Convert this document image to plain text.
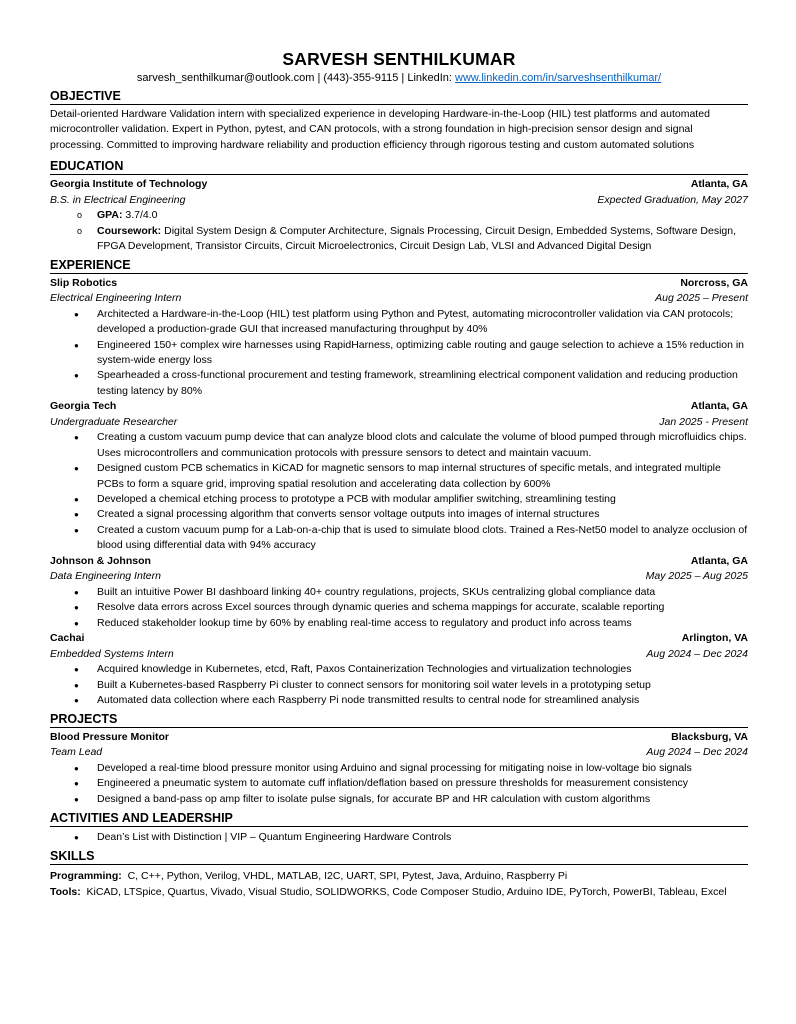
SARVESH SENTHILKUMAR
sarvesh_senthilkumar@outlook.com | (443)-355-9115 | LinkedIn: www.linkedin.com/in/sarveshsenthilkumar/
OBJECTIVE
Detail-oriented Hardware Validation intern with specialized experience in developing Hardware-in-the-Loop (HIL) test platforms and automated microcontroller validation. Expert in Python, pytest, and CAN protocols, with a strong foundation in high-precision sensor design and signal processing. Committed to improving hardware reliability and production efficiency through rigorous testing and custom automated solutions
EDUCATION
Georgia Institute of Technology	Atlanta, GA
B.S. in Electrical Engineering	Expected Graduation, May 2027
o GPA: 3.7/4.0
o Coursework: Digital System Design & Computer Architecture, Signals Processing, Circuit Design, Embedded Systems, Software Design, FPGA Development, Transistor Circuits, Circuit Microelectronics, Circuit Design Lab, VLSI and Advanced Digital Design
EXPERIENCE
Slip Robotics	Norcross, GA
Electrical Engineering Intern	Aug 2025 – Present
● Architected a Hardware-in-the-Loop (HIL) test platform using Python and Pytest, automating microcontroller validation via CAN protocols; developed a production-grade GUI that increased manufacturing throughput by 40%
● Engineered 150+ complex wire harnesses using RapidHarness, optimizing cable routing and gauge selection to achieve a 15% reduction in system-wide energy loss
● Spearheaded a cross-functional procurement and testing framework, streamlining electrical component validation and reducing production testing latency by 80%
Georgia Tech	Atlanta, GA
Undergraduate Researcher	Jan 2025 - Present
● Creating a custom vacuum pump device that can analyze blood clots and calculate the volume of blood pumped through microfluidics chips. Uses microcontrollers and communication protocols with pressure sensors to detect and maintain vacuum.
● Designed custom PCB schematics in KiCAD for magnetic sensors to map internal structures of specific metals, and integrated multiple PCBs to form a square grid, improving spatial resolution and accelerating data collection by 600%
● Developed a chemical etching process to prototype a PCB with modular amplifier switching, streamlining testing
● Created a signal processing algorithm that converts sensor voltage outputs into images of internal structures
● Created a custom vacuum pump for a Lab-on-a-chip that is used to simulate blood clots. Trained a Res-Net50 model to analyze occlusion of blood using differential data with 94% accuracy
Johnson & Johnson	Atlanta, GA
Data Engineering Intern	May 2025 – Aug 2025
● Built an intuitive Power BI dashboard linking 40+ country regulations, projects, SKUs centralizing global compliance data
● Resolve data errors across Excel sources through dynamic queries and schema mappings for accurate, scalable reporting
● Reduced stakeholder lookup time by 60% by enabling real-time access to regulatory and product info across teams
Cachai	Arlington, VA
Embedded Systems Intern	Aug 2024 – Dec 2024
● Acquired knowledge in Kubernetes, etcd, Raft, Paxos Containerization Technologies and virtualization technologies
● Built a Kubernetes-based Raspberry Pi cluster to connect sensors for monitoring soil water levels in a prototyping setup
● Automated data collection where each Raspberry Pi node transmitted results to central node for streamlined analysis
PROJECTS
Blood Pressure Monitor	Blacksburg, VA
Team Lead	Aug 2024 – Dec 2024
● Developed a real-time blood pressure monitor using Arduino and signal processing for mitigating noise in low-voltage bio signals
● Engineered a pneumatic system to automate cuff inflation/deflation based on pressure thresholds for measurement consistency
● Designed a band-pass op amp filter to isolate pulse signals, for accurate BP and HR calculation with custom algorithms
ACTIVITIES AND LEADERSHIP
● Dean’s List with Distinction | VIP – Quantum Engineering Hardware Controls
SKILLS
Programming:  C, C++, Python, Verilog, VHDL, MATLAB, I2C, UART, SPI, Pytest, Java, Arduino, Raspberry Pi
Tools:  KiCAD, LTSpice, Quartus, Vivado, Visual Studio, SOLIDWORKS, Code Composer Studio, Arduino IDE, PyTorch, PowerBI, Tableau, Excel
